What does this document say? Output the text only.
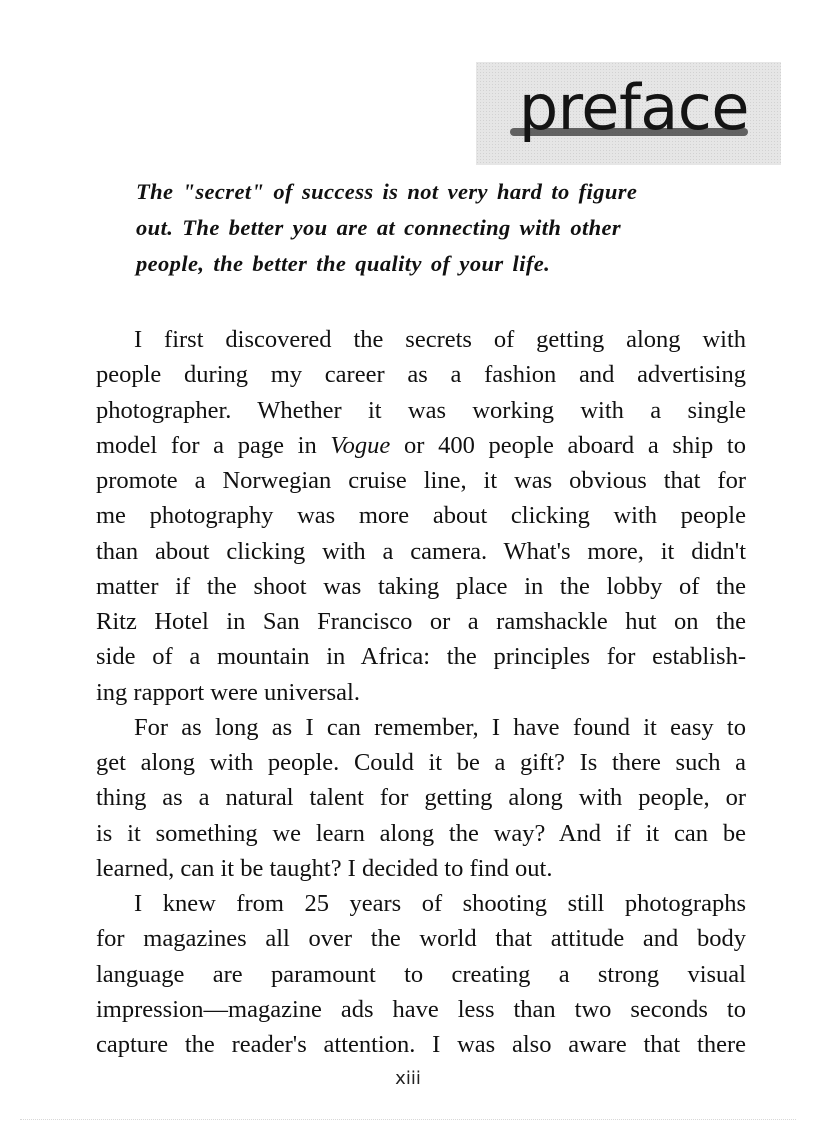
preface
The "secret" of success is not very hard to figure
out. The better you are at connecting with other
people, the better the quality of your life.
I first discovered the secrets of getting along with
people during my career as a fashion and advertising
photographer. Whether it was working with a single
model for a page in Vogue or 400 people aboard a ship to
promote a Norwegian cruise line, it was obvious that for
me photography was more about clicking with people
than about clicking with a camera. What's more, it didn't
matter if the shoot was taking place in the lobby of the
Ritz Hotel in San Francisco or a ramshackle hut on the
side of a mountain in Africa: the principles for establish-
ing rapport were universal.
For as long as I can remember, I have found it easy to
get along with people. Could it be a gift? Is there such a
thing as a natural talent for getting along with people, or
is it something we learn along the way? And if it can be
learned, can it be taught? I decided to find out.
I knew from 25 years of shooting still photographs
for magazines all over the world that attitude and body
language are paramount to creating a strong visual
impression—magazine ads have less than two seconds to
capture the reader's attention. I was also aware that there
xiii
